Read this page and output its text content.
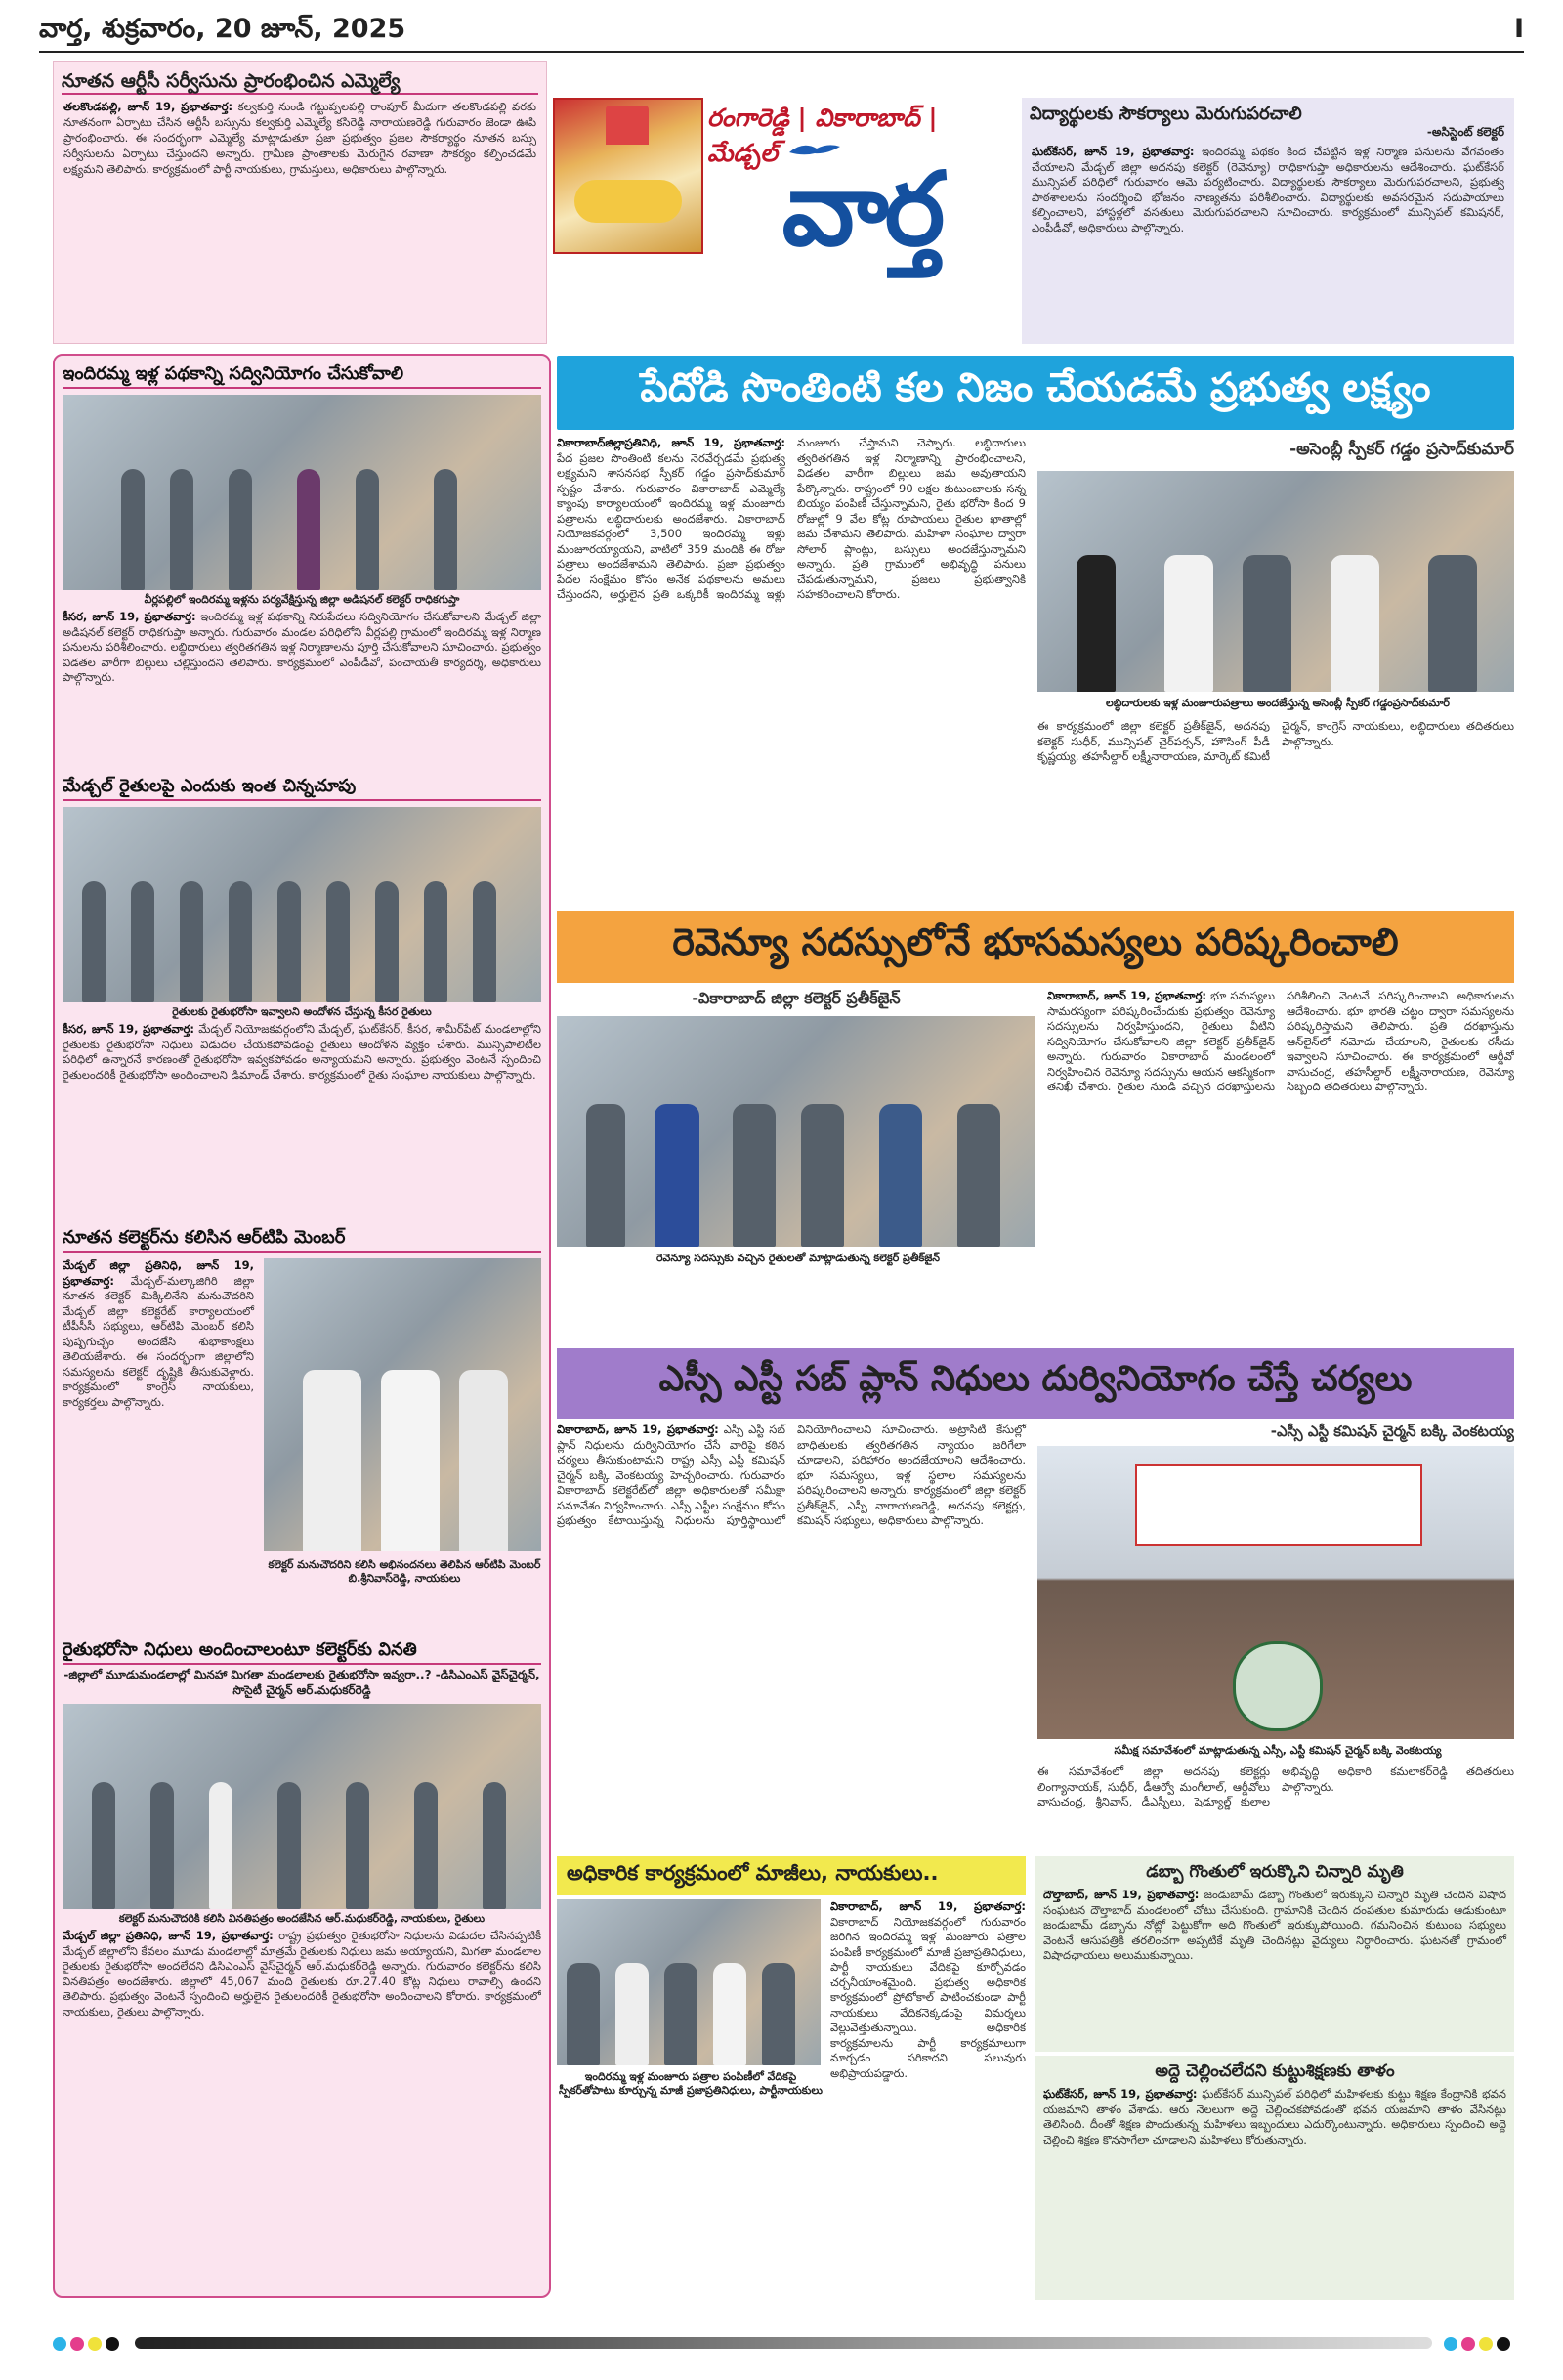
వార్త, శుక్రవారం, 20 జూన్, 2025	I
నూతన ఆర్టీసీ సర్వీసును ప్రారంభించిన ఎమ్మెల్యే
తలకొండపల్లి, జూన్ 19, ప్రభాతవార్త: కల్వకుర్తి నుండి గట్టుప్పలపల్లి రాంపూర్ మీదుగా తలకొండపల్లి వరకు నూతనంగా ఏర్పాటు చేసిన ఆర్టీసీ బస్సును కల్వకుర్తి ఎమ్మెల్యే కసిరెడ్డి నారాయణరెడ్డి గురువారం జెండా ఊపి ప్రారంభించారు. ఈ సందర్భంగా ఎమ్మెల్యే మాట్లాడుతూ ప్రజా ప్రభుత్వం ప్రజల సౌకర్యార్థం నూతన బస్సు సర్వీసులను ఏర్పాటు చేస్తుందని అన్నారు. గ్రామీణ ప్రాంతాలకు మెరుగైన రవాణా సౌకర్యం కల్పించడమే లక్ష్యమని తెలిపారు. కార్యక్రమంలో పార్టీ నాయకులు, గ్రామస్తులు, అధికారులు పాల్గొన్నారు.
రంగారెడ్డి | వికారాబాద్ | మేడ్చల్ వార్త
విద్యార్థులకు సౌకర్యాలు మెరుగుపరచాలి
-అసిస్టెంట్ కలెక్టర్
ఘట్‌కేసర్, జూన్ 19, ప్రభాతవార్త: ఇందిరమ్మ పథకం కింద చేపట్టిన ఇళ్ల నిర్మాణ పనులను వేగవంతం చేయాలని మేడ్చల్ జిల్లా అదనపు కలెక్టర్ (రెవెన్యూ) రాధికాగుప్తా అధికారులను ఆదేశించారు. ఘట్‌కేసర్ మున్సిపల్ పరిధిలో గురువారం ఆమె పర్యటించారు. విద్యార్థులకు సౌకర్యాలు మెరుగుపరచాలని, ప్రభుత్వ పాఠశాలలను సందర్శించి భోజనం నాణ్యతను పరిశీలించారు. విద్యార్థులకు అవసరమైన సదుపాయాలు కల్పించాలని, హాస్టళ్లలో వసతులు మెరుగుపరచాలని సూచించారు. కార్యక్రమంలో మున్సిపల్ కమిషనర్, ఎంపీడీవో, అధికారులు పాల్గొన్నారు.
ఇందిరమ్మ ఇళ్ల పథకాన్ని సద్వినియోగం చేసుకోవాలి
వీర్లపల్లిలో ఇందిరమ్మ ఇళ్లను పర్యవేక్షిస్తున్న జిల్లా అడిషనల్ కలెక్టర్ రాధికగుప్తా
కీసర, జూన్ 19, ప్రభాతవార్త: ఇందిరమ్మ ఇళ్ల పథకాన్ని నిరుపేదలు సద్వినియోగం చేసుకోవాలని మేడ్చల్ జిల్లా అడిషనల్ కలెక్టర్ రాధికగుప్తా అన్నారు. గురువారం మండల పరిధిలోని వీర్లపల్లి గ్రామంలో ఇందిరమ్మ ఇళ్ల నిర్మాణ పనులను పరిశీలించారు. లబ్ధిదారులు త్వరితగతిన ఇళ్ల నిర్మాణాలను పూర్తి చేసుకోవాలని సూచించారు. ప్రభుత్వం విడతల వారీగా బిల్లులు చెల్లిస్తుందని తెలిపారు. కార్యక్రమంలో ఎంపీడీవో, పంచాయతీ కార్యదర్శి, అధికారులు పాల్గొన్నారు.
మేడ్చల్ రైతులపై ఎందుకు ఇంత చిన్నచూపు
రైతులకు రైతుభరోసా ఇవ్వాలని అందోళన చేస్తున్న కీసర రైతులు
కీసర, జూన్ 19, ప్రభాతవార్త: మేడ్చల్ నియోజకవర్గంలోని మేడ్చల్, ఘట్‌కేసర్, కీసర, శామీర్‌పేట్ మండలాల్లోని రైతులకు రైతుభరోసా నిధులు విడుదల చేయకపోవడంపై రైతులు ఆందోళన వ్యక్తం చేశారు. మున్సిపాలిటీల పరిధిలో ఉన్నారనే కారణంతో రైతుభరోసా ఇవ్వకపోవడం అన్యాయమని అన్నారు. ప్రభుత్వం వెంటనే స్పందించి రైతులందరికీ రైతుభరోసా అందించాలని డిమాండ్ చేశారు. కార్యక్రమంలో రైతు సంఘాల నాయకులు పాల్గొన్నారు.
నూతన కలెక్టర్‌ను కలిసిన ఆర్‌టిపి మెంబర్
మేడ్చల్ జిల్లా ప్రతినిధి, జూన్ 19, ప్రభాతవార్త: మేడ్చల్-మల్కాజిగిరి జిల్లా నూతన కలెక్టర్ మిక్కిలినేని మనుచౌదరిని మేడ్చల్ జిల్లా కలెక్టరేట్ కార్యాలయంలో టీపీసీసీ సభ్యులు, ఆర్‌టిపి మెంబర్ కలిసి పుష్పగుచ్ఛం అందజేసి శుభాకాంక్షలు తెలియజేశారు. ఈ సందర్భంగా జిల్లాలోని సమస్యలను కలెక్టర్ దృష్టికి తీసుకువెళ్లారు. కార్యక్రమంలో కాంగ్రెస్ నాయకులు, కార్యకర్తలు పాల్గొన్నారు.
కలెక్టర్ మనుచౌదరిని కలిసి అభినందనలు తెలిపిన ఆర్‌టిపి మెంబర్ బి.శ్రీనివాస్‌రెడ్డి, నాయకులు
రైతుభరోసా నిధులు అందించాలంటూ కలెక్టర్‌కు వినతి
-జిల్లాలో మూడుమండలాల్లో మినహా మిగతా మండలాలకు రైతుభరోసా ఇవ్వరా..? -డిసిఎంఎస్ వైస్‌చైర్మన్, సొసైటీ చైర్మన్ ఆర్.మధుకర్‌రెడ్డి
కలెక్టర్ మనుచౌదరికి కలిసి వినతిపత్రం అందజేసిన ఆర్.మధుకర్‌రెడ్డి, నాయకులు, రైతులు
మేడ్చల్ జిల్లా ప్రతినిధి, జూన్ 19, ప్రభాతవార్త: రాష్ట్ర ప్రభుత్వం రైతుభరోసా నిధులను విడుదల చేసినప్పటికీ మేడ్చల్ జిల్లాలోని కేవలం మూడు మండలాల్లో మాత్రమే రైతులకు నిధులు జమ అయ్యాయని, మిగతా మండలాల రైతులకు రైతుభరోసా అందలేదని డిసిఎంఎస్ వైస్‌చైర్మన్ ఆర్.మధుకర్‌రెడ్డి అన్నారు. గురువారం కలెక్టర్‌ను కలిసి వినతిపత్రం అందజేశారు. జిల్లాలో 45,067 మంది రైతులకు రూ.27.40 కోట్ల నిధులు రావాల్సి ఉందని తెలిపారు. ప్రభుత్వం వెంటనే స్పందించి అర్హులైన రైతులందరికీ రైతుభరోసా అందించాలని కోరారు. కార్యక్రమంలో నాయకులు, రైతులు పాల్గొన్నారు.
పేదోడి సొంతింటి కల నిజం చేయడమే ప్రభుత్వ లక్ష్యం
వికారాబాద్‌జిల్లాప్రతినిధి, జూన్ 19, ప్రభాతవార్త: పేద ప్రజల సొంతింటి కలను నెరవేర్చడమే ప్రభుత్వ లక్ష్యమని శాసనసభ స్పీకర్ గడ్డం ప్రసాద్‌కుమార్ స్పష్టం చేశారు. గురువారం వికారాబాద్ ఎమ్మెల్యే క్యాంపు కార్యాలయంలో ఇందిరమ్మ ఇళ్ల మంజూరు పత్రాలను లబ్ధిదారులకు అందజేశారు. వికారాబాద్ నియోజకవర్గంలో 3,500 ఇందిరమ్మ ఇళ్లు మంజూరయ్యాయని, వాటిలో 359 మందికి ఈ రోజు పత్రాలు అందజేశామని తెలిపారు. ప్రజా ప్రభుత్వం పేదల సంక్షేమం కోసం అనేక పథకాలను అమలు చేస్తుందని, అర్హులైన ప్రతి ఒక్కరికీ ఇందిరమ్మ ఇళ్లు మంజూరు చేస్తామని చెప్పారు. లబ్ధిదారులు త్వరితగతిన ఇళ్ల నిర్మాణాన్ని ప్రారంభించాలని, విడతల వారీగా బిల్లులు జమ అవుతాయని పేర్కొన్నారు. రాష్ట్రంలో 90 లక్షల కుటుంబాలకు సన్న బియ్యం పంపిణీ చేస్తున్నామని, రైతు భరోసా కింద 9 రోజుల్లో 9 వేల కోట్ల రూపాయలు రైతుల ఖాతాల్లో జమ చేశామని తెలిపారు. మహిళా సంఘాల ద్వారా సోలార్ ప్లాంట్లు, బస్సులు అందజేస్తున్నామని అన్నారు. ప్రతి గ్రామంలో అభివృద్ధి పనులు చేపడుతున్నామని, ప్రజలు ప్రభుత్వానికి సహకరించాలని కోరారు.
-అసెంబ్లీ స్పీకర్ గడ్డం ప్రసాద్‌కుమార్
లబ్ధిదారులకు ఇళ్ల మంజూరుపత్రాలు అందజేస్తున్న అసెంబ్లీ స్పీకర్ గడ్డంప్రసాద్‌కుమార్
ఈ కార్యక్రమంలో జిల్లా కలెక్టర్ ప్రతీక్‌జైన్, అదనపు కలెక్టర్ సుధీర్, మున్సిపల్ చైర్‌పర్సన్, హౌసింగ్ పీడీ కృష్ణయ్య, తహసీల్దార్ లక్ష్మీనారాయణ, మార్కెట్ కమిటీ చైర్మన్, కాంగ్రెస్ నాయకులు, లబ్ధిదారులు తదితరులు పాల్గొన్నారు.
రెవెన్యూ సదస్సులోనే భూసమస్యలు పరిష్కరించాలి
-వికారాబాద్ జిల్లా కలెక్టర్ ప్రతీక్‌జైన్
రెవెన్యూ సదస్సుకు వచ్చిన రైతులతో మాట్లాడుతున్న కలెక్టర్ ప్రతీక్‌జైన్
వికారాబాద్, జూన్ 19, ప్రభాతవార్త: భూ సమస్యలు సామరస్యంగా పరిష్కరించేందుకు ప్రభుత్వం రెవెన్యూ సదస్సులను నిర్వహిస్తుందని, రైతులు వీటిని సద్వినియోగం చేసుకోవాలని జిల్లా కలెక్టర్ ప్రతీక్‌జైన్ అన్నారు. గురువారం వికారాబాద్ మండలంలో నిర్వహించిన రెవెన్యూ సదస్సును ఆయన ఆకస్మికంగా తనిఖీ చేశారు. రైతుల నుండి వచ్చిన దరఖాస్తులను పరిశీలించి వెంటనే పరిష్కరించాలని అధికారులను ఆదేశించారు. భూ భారతి చట్టం ద్వారా సమస్యలను పరిష్కరిస్తామని తెలిపారు. ప్రతి దరఖాస్తును ఆన్‌లైన్‌లో నమోదు చేయాలని, రైతులకు రసీదు ఇవ్వాలని సూచించారు. ఈ కార్యక్రమంలో ఆర్డీవో వాసుచంద్ర, తహసీల్దార్ లక్ష్మీనారాయణ, రెవెన్యూ సిబ్బంది తదితరులు పాల్గొన్నారు.
ఎస్సీ ఎస్టీ సబ్ ప్లాన్ నిధులు దుర్వినియోగం చేస్తే చర్యలు
వికారాబాద్, జూన్ 19, ప్రభాతవార్త: ఎస్సీ ఎస్టీ సబ్ ప్లాన్ నిధులను దుర్వినియోగం చేసే వారిపై కఠిన చర్యలు తీసుకుంటామని రాష్ట్ర ఎస్సీ ఎస్టీ కమిషన్ చైర్మన్ బక్కి వెంకటయ్య హెచ్చరించారు. గురువారం వికారాబాద్ కలెక్టరేట్‌లో జిల్లా అధికారులతో సమీక్షా సమావేశం నిర్వహించారు. ఎస్సీ ఎస్టీల సంక్షేమం కోసం ప్రభుత్వం కేటాయిస్తున్న నిధులను పూర్తిస్థాయిలో వినియోగించాలని సూచించారు. అట్రాసిటీ కేసుల్లో బాధితులకు త్వరితగతిన న్యాయం జరిగేలా చూడాలని, పరిహారం అందజేయాలని ఆదేశించారు. భూ సమస్యలు, ఇళ్ల స్థలాల సమస్యలను పరిష్కరించాలని అన్నారు. కార్యక్రమంలో జిల్లా కలెక్టర్ ప్రతీక్‌జైన్, ఎస్పీ నారాయణరెడ్డి, అదనపు కలెక్టర్లు, కమిషన్ సభ్యులు, అధికారులు పాల్గొన్నారు.
-ఎస్సీ ఎస్టీ కమిషన్ చైర్మన్ బక్కి వెంకటయ్య
సమీక్ష సమావేశంలో మాట్లాడుతున్న ఎస్సీ, ఎస్టీ కమిషన్ చైర్మన్ బక్కి వెంకటయ్య
ఈ సమావేశంలో జిల్లా అదనపు కలెక్టర్లు లింగ్యానాయక్, సుధీర్, డీఆర్వో మంగీలాల్, ఆర్డీవోలు వాసుచంద్ర, శ్రీనివాస్, డీఎస్పీలు, షెడ్యూల్డ్ కులాల అభివృద్ధి అధికారి కమలాకర్‌రెడ్డి తదితరులు పాల్గొన్నారు.
అధికారిక కార్యక్రమంలో మాజీలు, నాయకులు..
ఇందిరమ్మ ఇళ్ల మంజూరు పత్రాల పంపిణీలో వేదికపై స్పీకర్‌తోపాటు కూర్చున్న మాజీ ప్రజాప్రతినిధులు, పార్టీనాయకులు
వికారాబాద్, జూన్ 19, ప్రభాతవార్త: వికారాబాద్ నియోజకవర్గంలో గురువారం జరిగిన ఇందిరమ్మ ఇళ్ల మంజూరు పత్రాల పంపిణీ కార్యక్రమంలో మాజీ ప్రజాప్రతినిధులు, పార్టీ నాయకులు వేదికపై కూర్చోవడం చర్చనీయాంశమైంది. ప్రభుత్వ అధికారిక కార్యక్రమంలో ప్రోటోకాల్ పాటించకుండా పార్టీ నాయకులు వేదికనెక్కడంపై విమర్శలు వెల్లువెత్తుతున్నాయి. అధికారిక కార్యక్రమాలను పార్టీ కార్యక్రమాలుగా మార్చడం సరికాదని పలువురు అభిప్రాయపడ్డారు.
డబ్బా గొంతులో ఇరుక్కొని చిన్నారి మృతి
దౌల్తాబాద్, జూన్ 19, ప్రభాతవార్త: జండుబామ్ డబ్బా గొంతులో ఇరుక్కుని చిన్నారి మృతి చెందిన విషాద సంఘటన దౌల్తాబాద్ మండలంలో చోటు చేసుకుంది. గ్రామానికి చెందిన దంపతుల కుమారుడు ఆడుకుంటూ జండుబామ్ డబ్బాను నోట్లో పెట్టుకోగా అది గొంతులో ఇరుక్కుపోయింది. గమనించిన కుటుంబ సభ్యులు వెంటనే ఆసుపత్రికి తరలించగా అప్పటికే మృతి చెందినట్లు వైద్యులు నిర్ధారించారు. ఘటనతో గ్రామంలో విషాదఛాయలు అలుముకున్నాయి.
అద్దె చెల్లించలేదని కుట్టుశిక్షణకు తాళం
ఘట్‌కేసర్, జూన్ 19, ప్రభాతవార్త: ఘట్‌కేసర్ మున్సిపల్ పరిధిలో మహిళలకు కుట్టు శిక్షణ కేంద్రానికి భవన యజమాని తాళం వేశాడు. ఆరు నెలలుగా అద్దె చెల్లించకపోవడంతో భవన యజమాని తాళం వేసినట్లు తెలిసింది. దీంతో శిక్షణ పొందుతున్న మహిళలు ఇబ్బందులు ఎదుర్కొంటున్నారు. అధికారులు స్పందించి అద్దె చెల్లించి శిక్షణ కొనసాగేలా చూడాలని మహిళలు కోరుతున్నారు.
